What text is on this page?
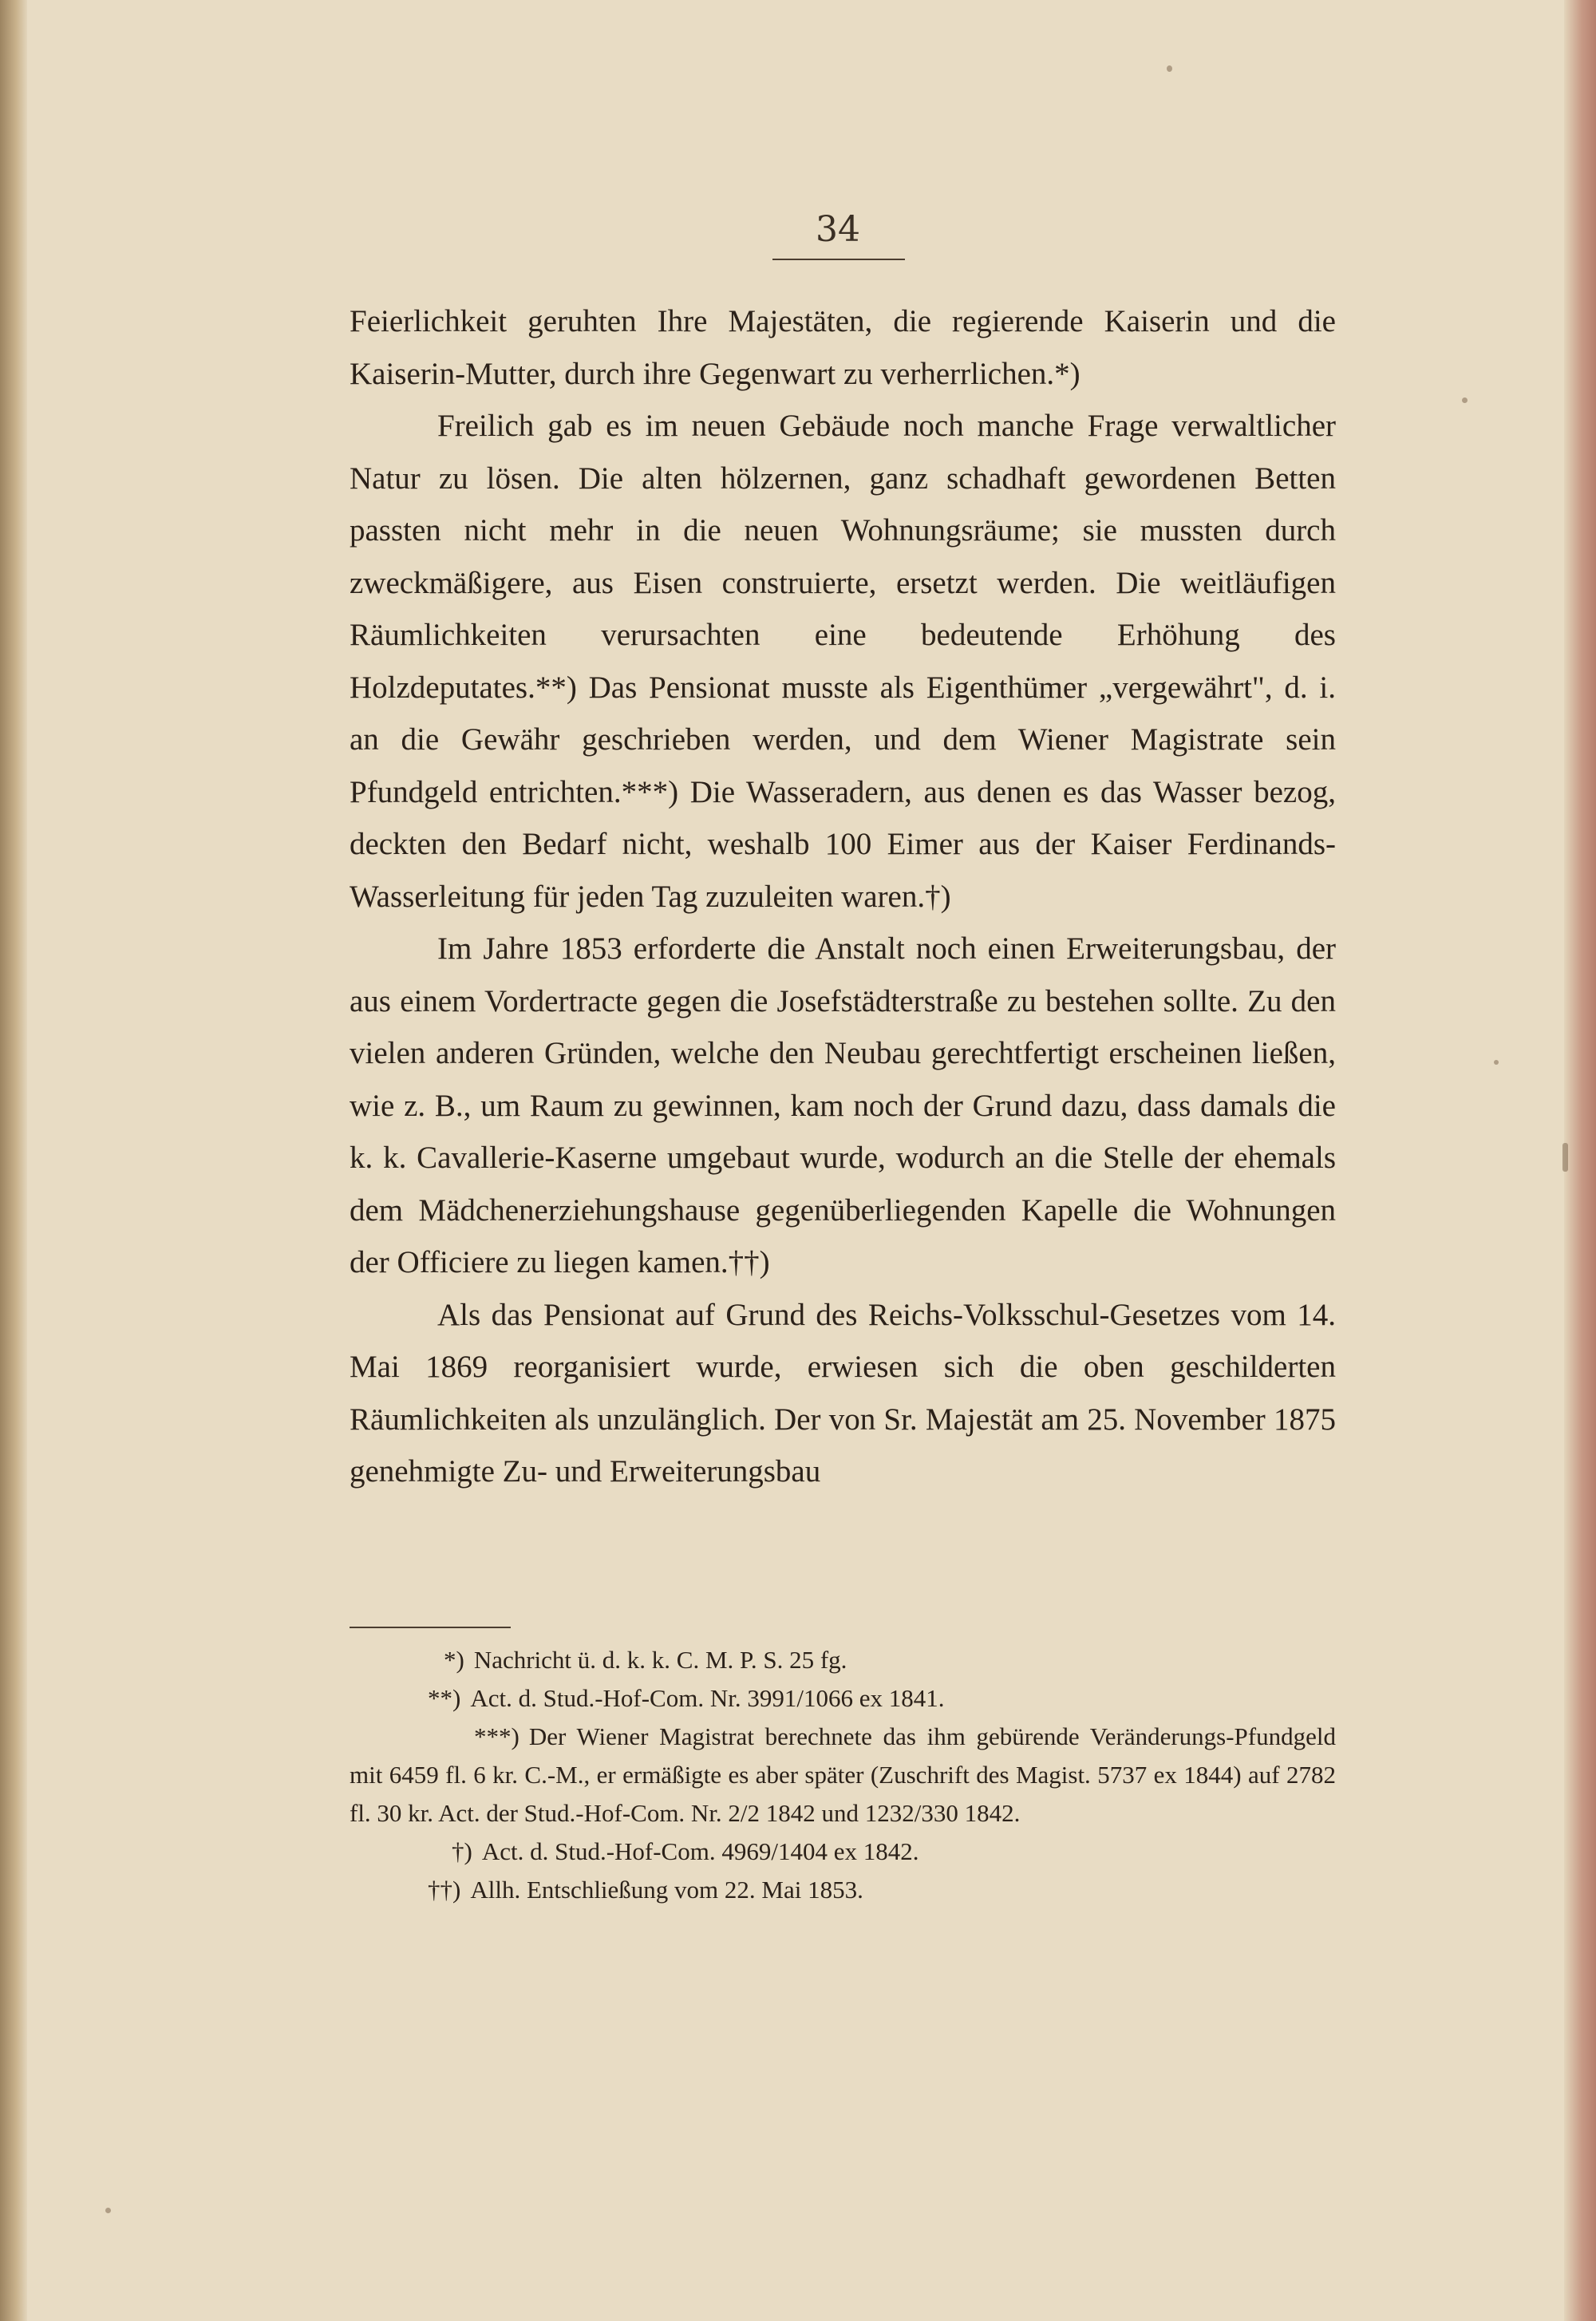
34

Feierlichkeit geruhten Ihre Majestäten, die regierende Kaiserin und die Kaiserin-Mutter, durch ihre Gegenwart zu verherrlichen.*)

Freilich gab es im neuen Gebäude noch manche Frage verwaltlicher Natur zu lösen. Die alten hölzernen, ganz schadhaft gewordenen Betten passten nicht mehr in die neuen Wohnungsräume; sie mussten durch zweckmäßigere, aus Eisen construierte, ersetzt werden. Die weitläufigen Räumlichkeiten verursachten eine bedeutende Erhöhung des Holzdeputates.**) Das Pensionat musste als Eigenthümer „vergewährt", d. i. an die Gewähr geschrieben werden, und dem Wiener Magistrate sein Pfundgeld entrichten.***) Die Wasseradern, aus denen es das Wasser bezog, deckten den Bedarf nicht, weshalb 100 Eimer aus der Kaiser Ferdinands-Wasserleitung für jeden Tag zuzuleiten waren.†)

Im Jahre 1853 erforderte die Anstalt noch einen Erweiterungsbau, der aus einem Vordertracte gegen die Josefstädterstraße zu bestehen sollte. Zu den vielen anderen Gründen, welche den Neubau gerechtfertigt erscheinen ließen, wie z. B., um Raum zu gewinnen, kam noch der Grund dazu, dass damals die k. k. Cavallerie-Kaserne umgebaut wurde, wodurch an die Stelle der ehemals dem Mädchenerziehungshause gegenüberliegenden Kapelle die Wohnungen der Officiere zu liegen kamen.††)

Als das Pensionat auf Grund des Reichs-Volksschul-Gesetzes vom 14. Mai 1869 reorganisiert wurde, erwiesen sich die oben geschilderten Räumlichkeiten als unzulänglich. Der von Sr. Majestät am 25. November 1875 genehmigte Zu- und Erweiterungsbau

*) Nachricht ü. d. k. k. C. M. P. S. 25 fg.

**) Act. d. Stud.-Hof-Com. Nr. 3991/1066 ex 1841.

***) Der Wiener Magistrat berechnete das ihm gebürende Veränderungs-Pfundgeld mit 6459 fl. 6 kr. C.-M., er ermäßigte es aber später (Zuschrift des Magist. 5737 ex 1844) auf 2782 fl. 30 kr. Act. der Stud.-Hof-Com. Nr. 2/2 1842 und 1232/330 1842.

†) Act. d. Stud.-Hof-Com. 4969/1404 ex 1842.

††) Allh. Entschließung vom 22. Mai 1853.
